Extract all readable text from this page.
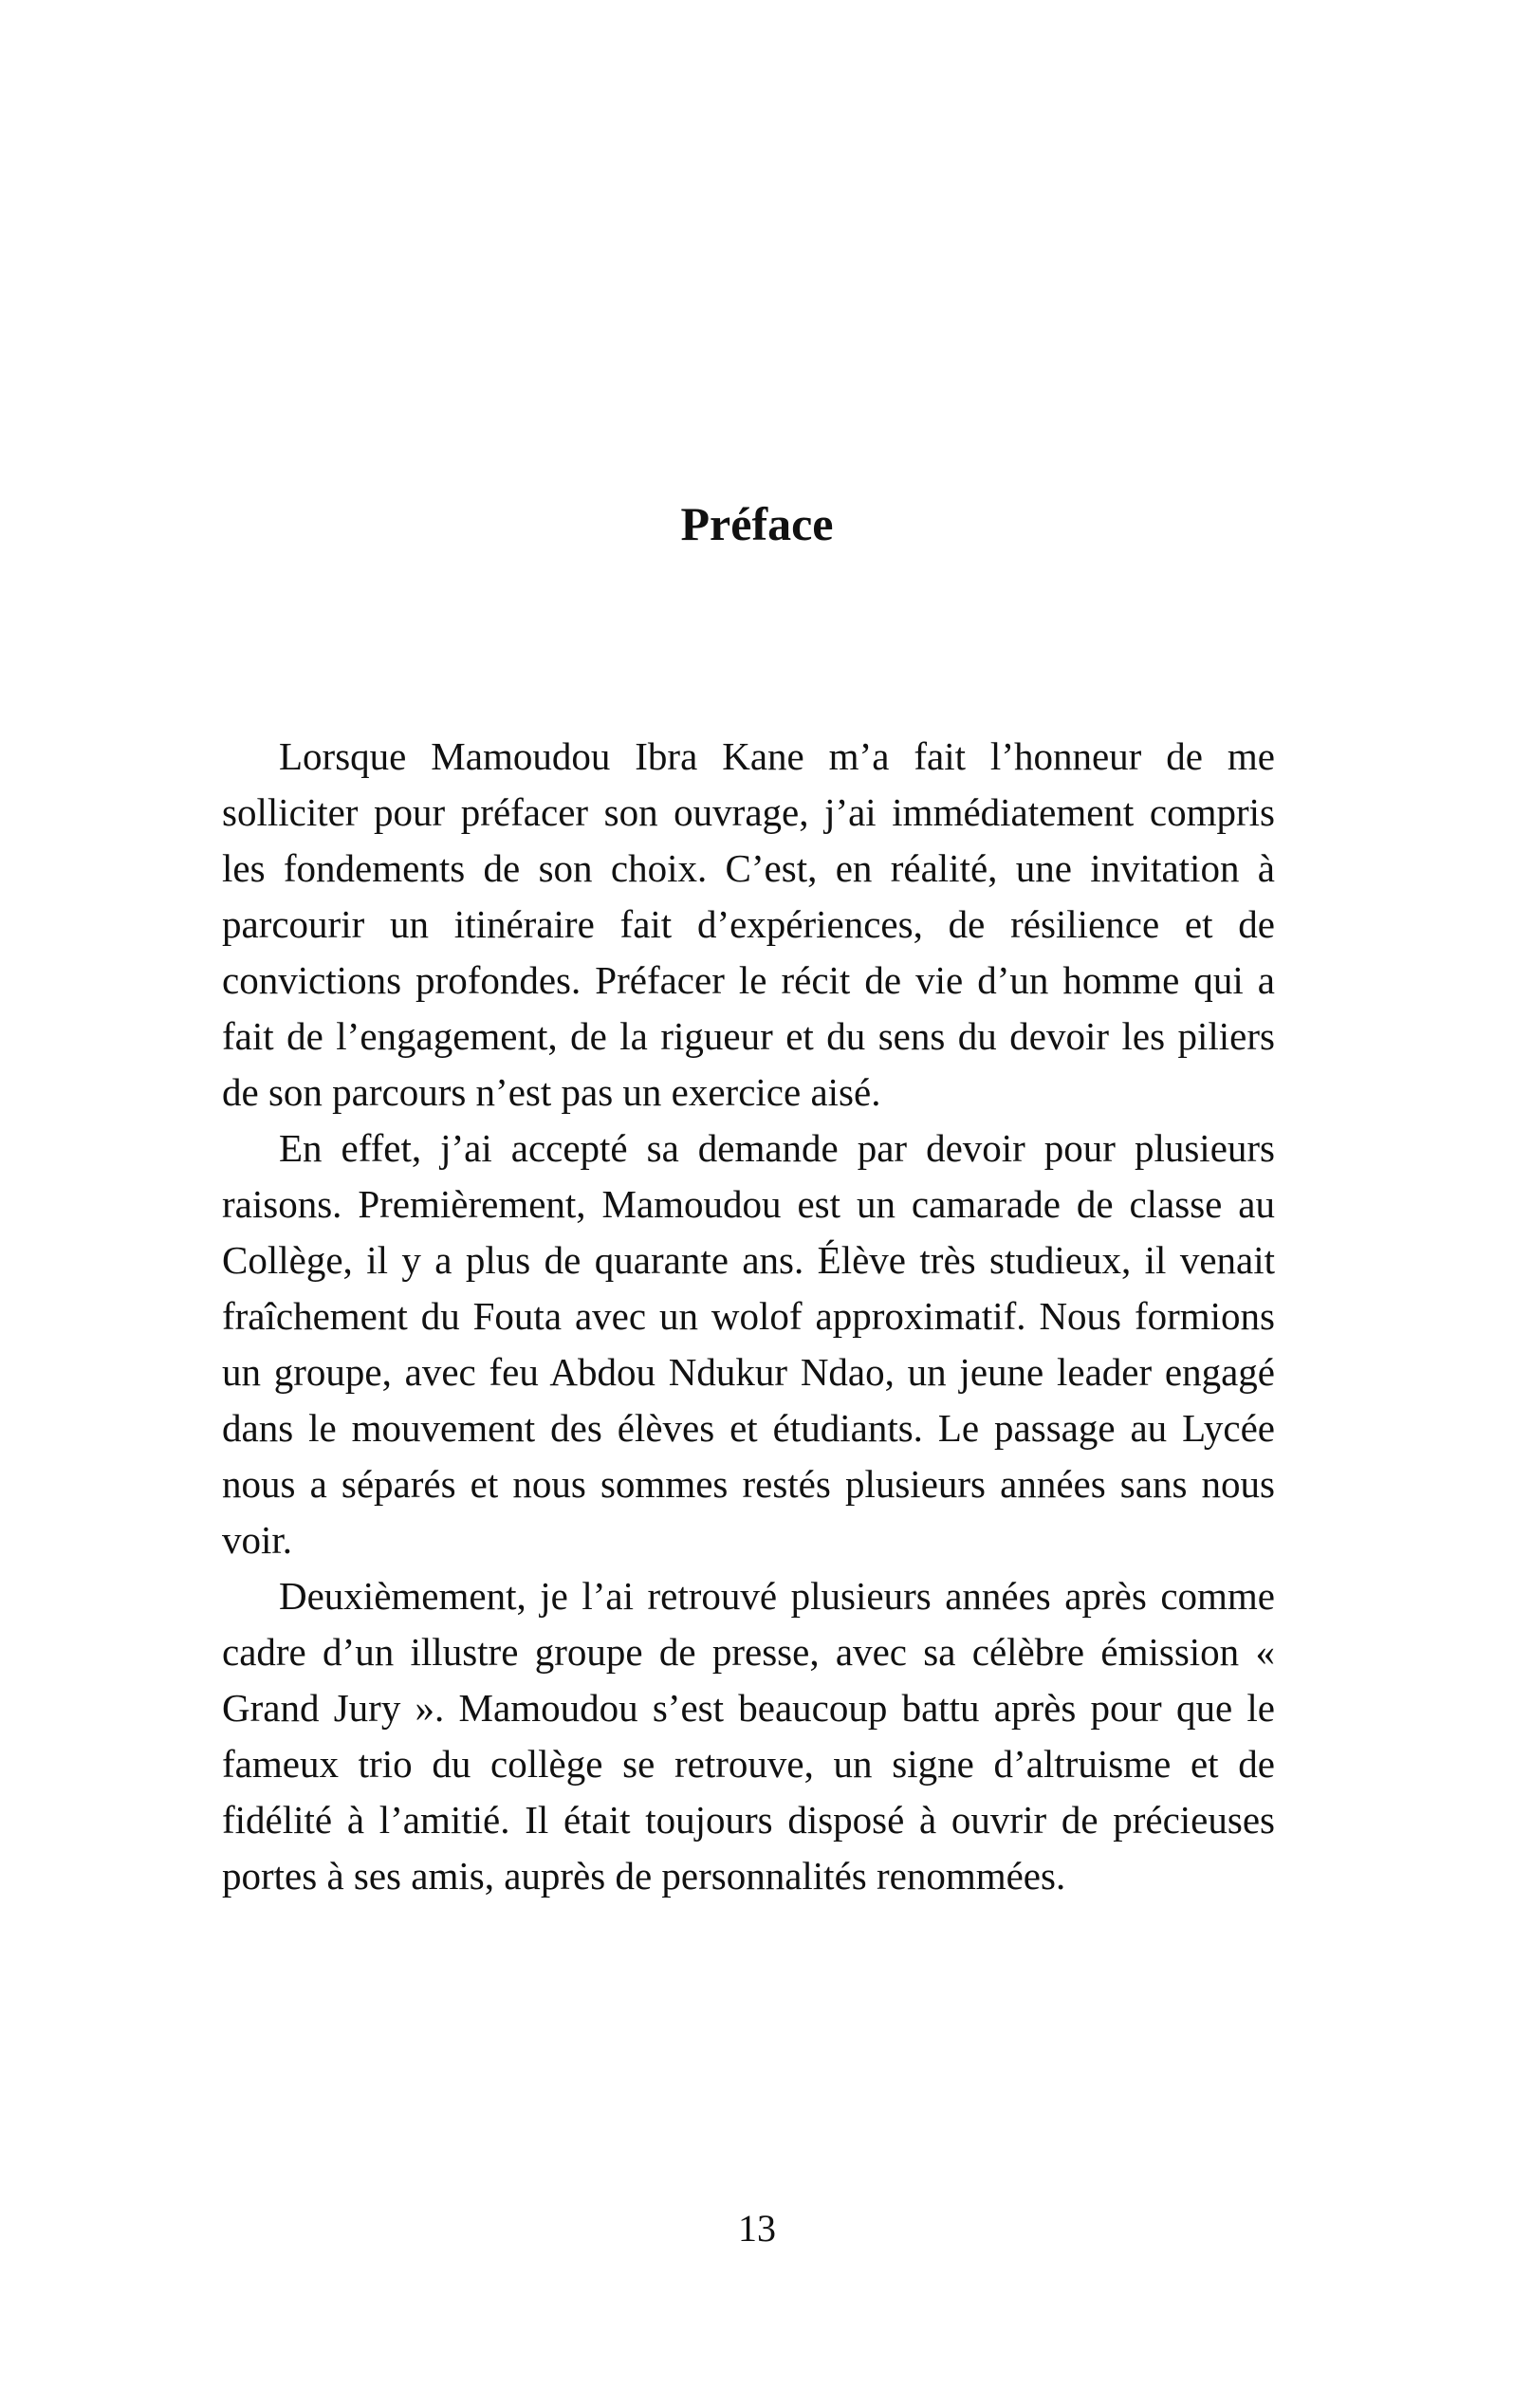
Préface

Lorsque Mamoudou Ibra Kane m’a fait l’honneur de me solliciter pour préfacer son ouvrage, j’ai immédiatement compris les fondements de son choix. C’est, en réalité, une invitation à parcourir un itinéraire fait d’expériences, de résilience et de convictions profondes. Préfacer le récit de vie d’un homme qui a fait de l’engagement, de la rigueur et du sens du devoir les piliers de son parcours n’est pas un exercice aisé.

En effet, j’ai accepté sa demande par devoir pour plusieurs raisons. Premièrement, Mamoudou est un camarade de classe au Collège, il y a plus de quarante ans. Élève très studieux, il venait fraîchement du Fouta avec un wolof approximatif. Nous formions un groupe, avec feu Abdou Ndukur Ndao, un jeune leader engagé dans le mouvement des élèves et étudiants. Le passage au Lycée nous a séparés et nous sommes restés plusieurs années sans nous voir.

Deuxièmement, je l’ai retrouvé plusieurs années après comme cadre d’un illustre groupe de presse, avec sa célèbre émission « Grand Jury ». Mamoudou s’est beaucoup battu après pour que le fameux trio du collège se retrouve, un signe d’altruisme et de fidélité à l’amitié. Il était toujours disposé à ouvrir de précieuses portes à ses amis, auprès de personnalités renommées.

13
